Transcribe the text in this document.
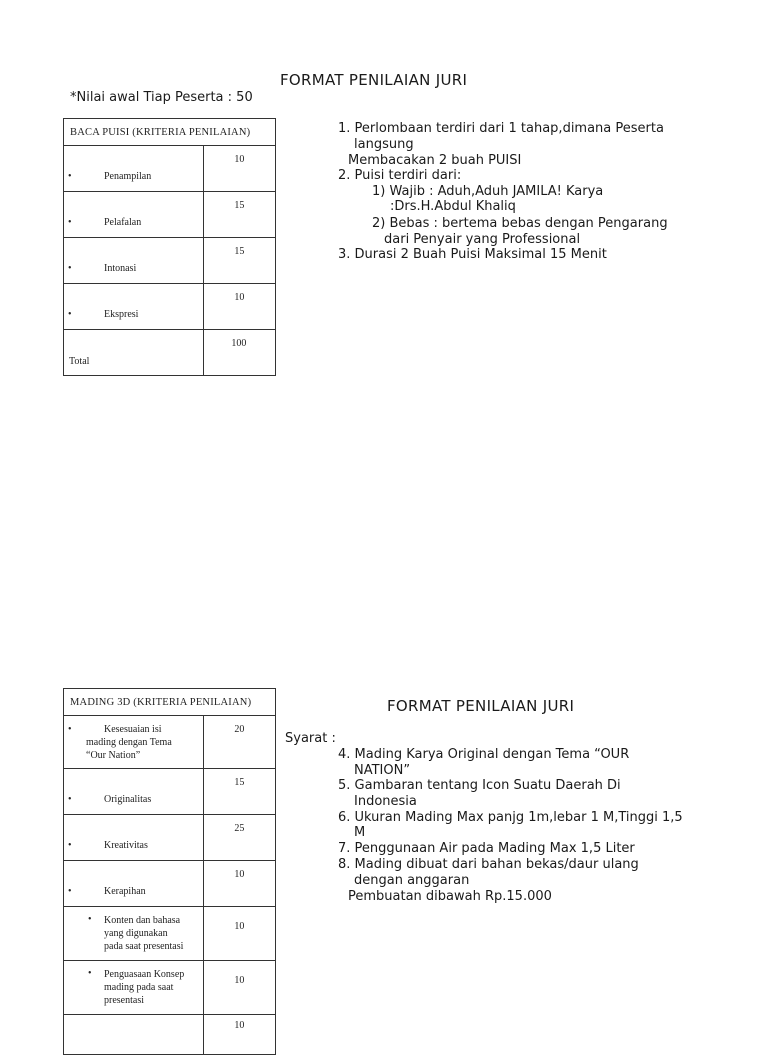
FORMAT PENILAIAN JURI
*Nilai awal Tiap Peserta : 50
BACA PUISI (KRITERIA PENILAIAN)	

• Penampilan	10

• Pelafalan	15

• Intonasi	15

• Ekspresi	10

Total	100
1. Perlombaan terdiri dari 1 tahap,dimana Peserta
langsung
Membacakan 2 buah PUISI
2. Puisi terdiri dari:
1) Wajib : Aduh,Aduh JAMILA! Karya
:Drs.H.Abdul Khaliq
2) Bebas : bertema bebas dengan Pengarang
dari Penyair yang Professional
3. Durasi 2 Buah Puisi Maksimal 15 Menit
FORMAT PENILAIAN JURI
Syarat :
MADING 3D (KRITERIA PENILAIAN)	

• Kesesuaian isi
mading dengan Tema
“Our Nation”	20

• Originalitas	15

• Kreativitas	25

• Kerapihan	10

• Konten dan bahasa
yang digunakan
pada saat presentasi	10

• Penguasaan Konsep
mading pada saat
presentasi	10

	10
4. Mading Karya Original dengan Tema “OUR
NATION”
5. Gambaran tentang Icon Suatu Daerah Di
Indonesia
6. Ukuran Mading Max panjg 1m,lebar 1 M,Tinggi 1,5
M
7. Penggunaan Air pada Mading Max 1,5 Liter
8. Mading dibuat dari bahan bekas/daur ulang
dengan anggaran
Pembuatan dibawah Rp.15.000
